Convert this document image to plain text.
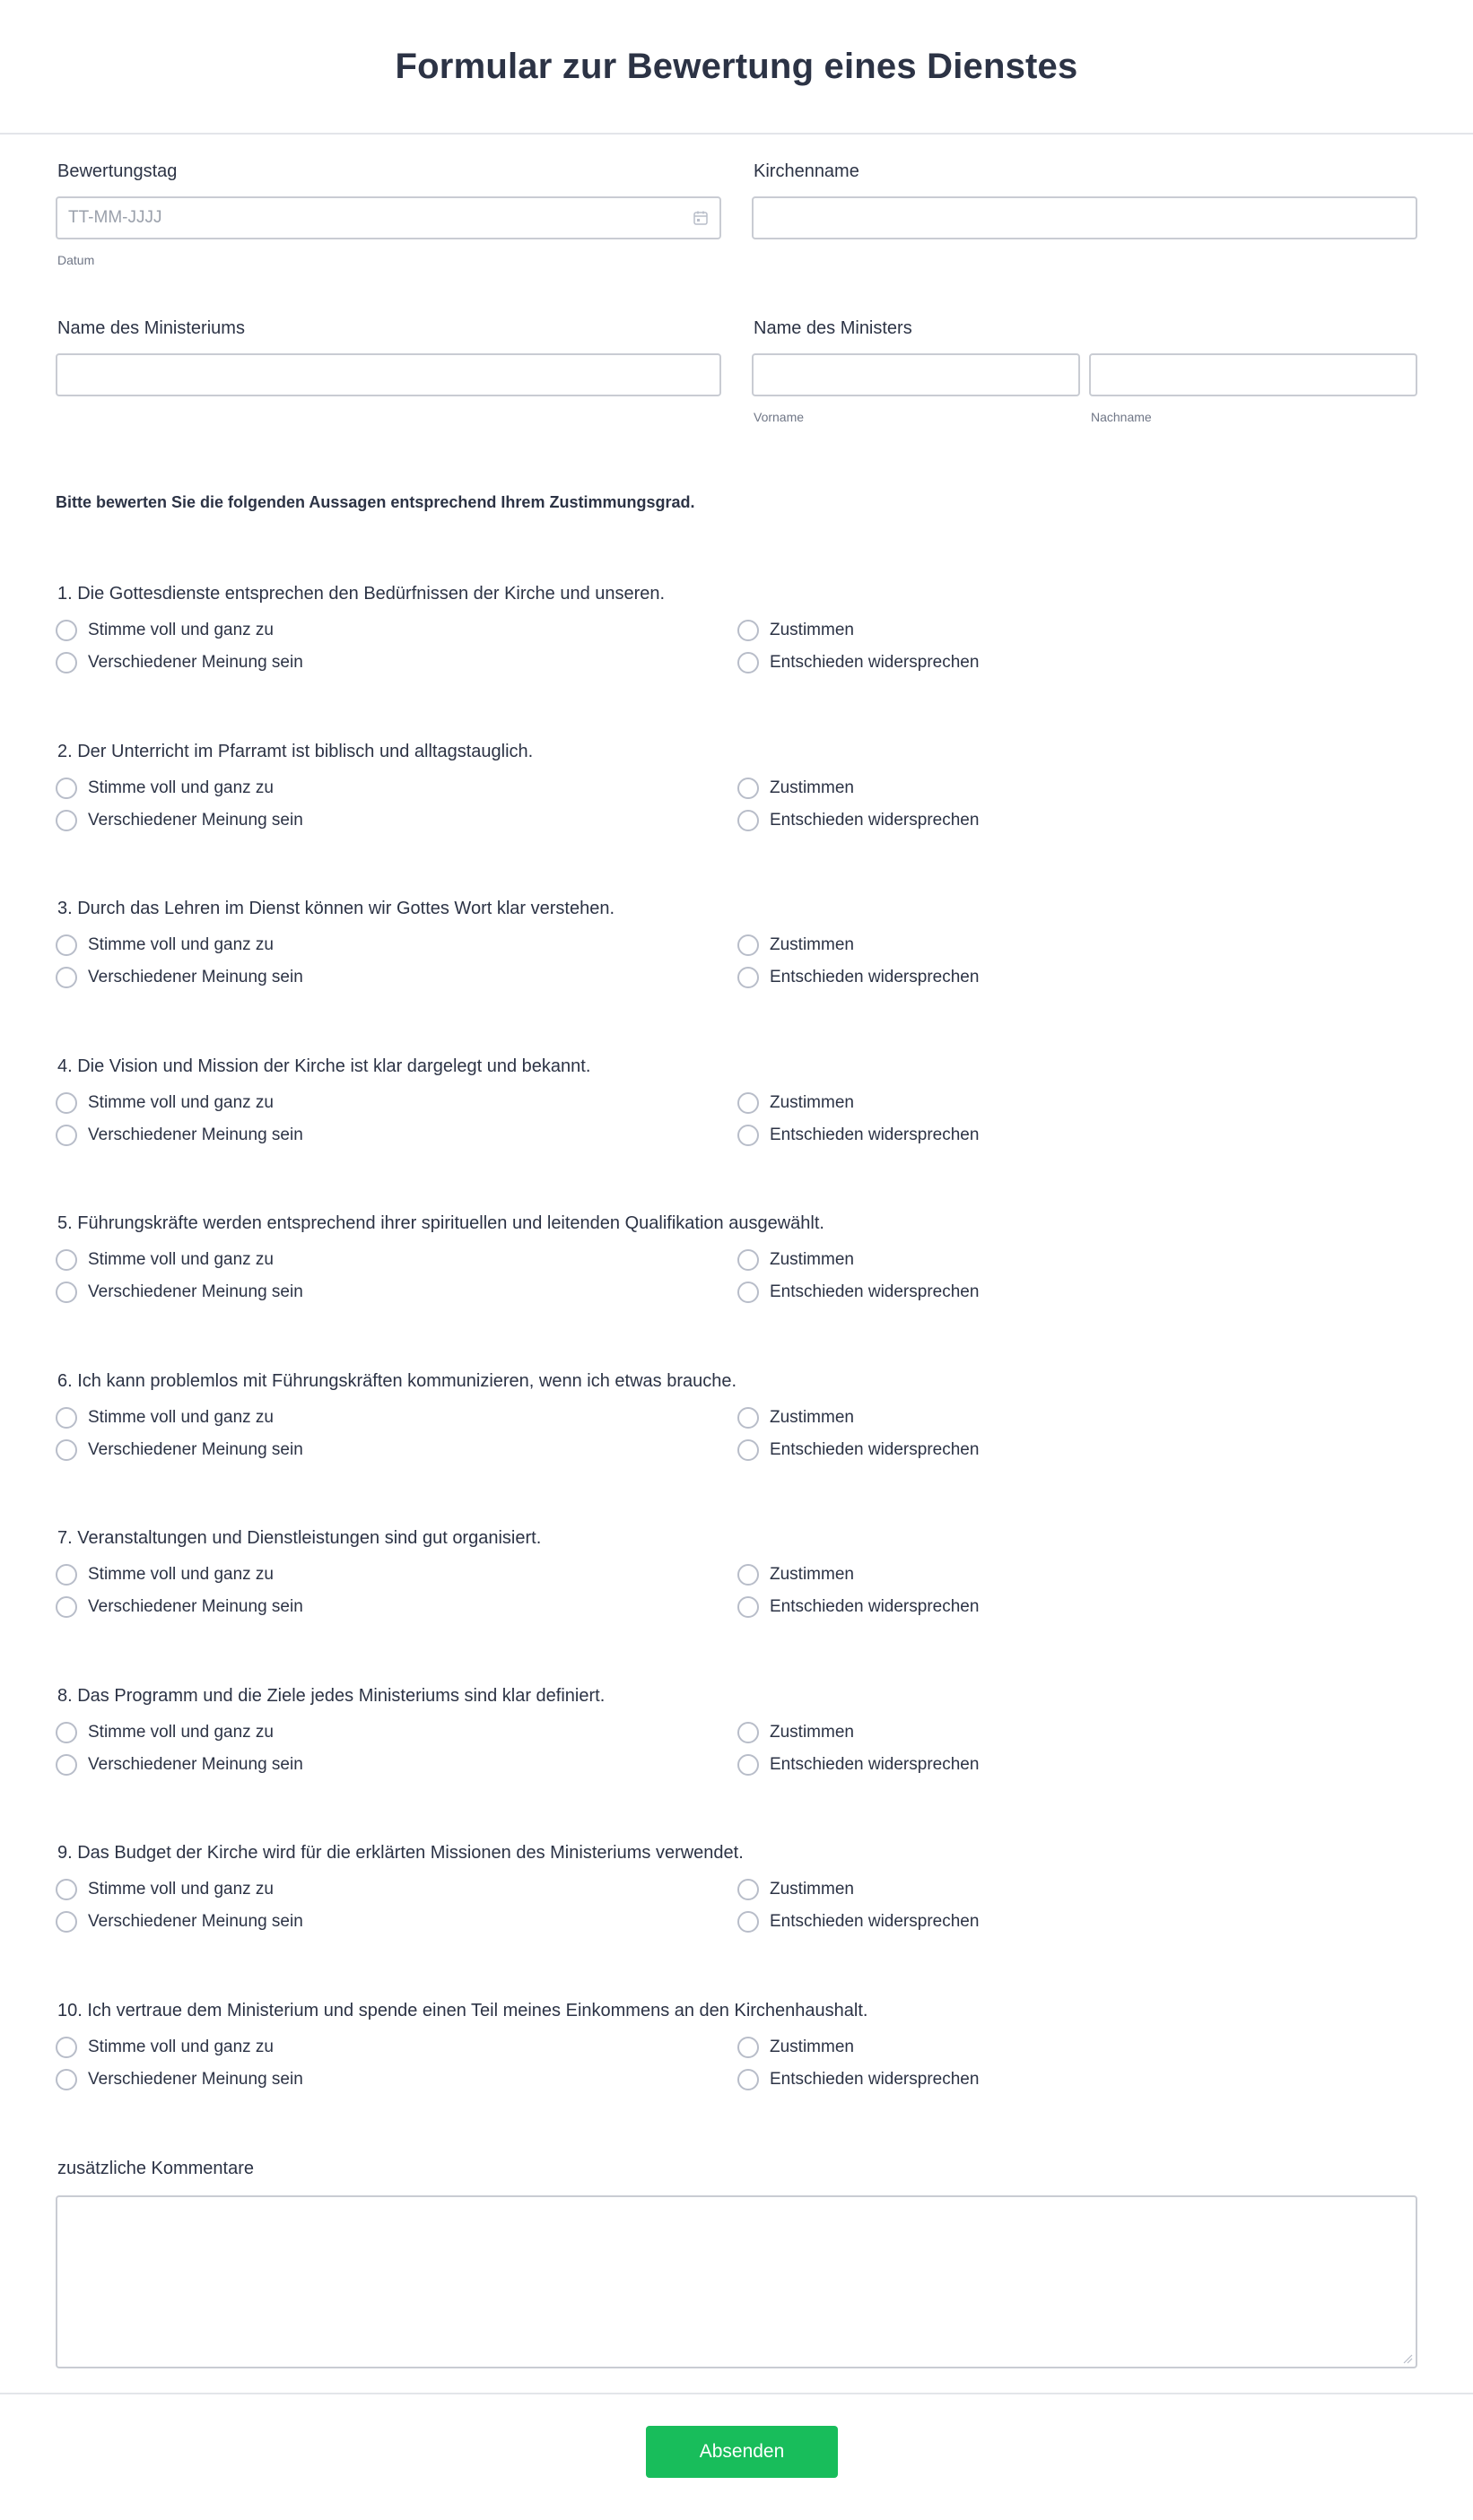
Formular zur Bewertung eines Dienstes
Bewertungstag
TT-MM-JJJJ
Datum
Kirchenname
Name des Ministeriums	Name des Ministers
Vorname	Nachname
Bitte bewerten Sie die folgenden Aussagen entsprechend Ihrem Zustimmungsgrad.
1. Die Gottesdienste entsprechen den Bedürfnissen der Kirche und unseren.
Stimme voll und ganz zu	Zustimmen
Verschiedener Meinung sein	Entschieden widersprechen
2. Der Unterricht im Pfarramt ist biblisch und alltagstauglich.
Stimme voll und ganz zu	Zustimmen
Verschiedener Meinung sein	Entschieden widersprechen
3. Durch das Lehren im Dienst können wir Gottes Wort klar verstehen.
Stimme voll und ganz zu	Zustimmen
Verschiedener Meinung sein	Entschieden widersprechen
4. Die Vision und Mission der Kirche ist klar dargelegt und bekannt.
Stimme voll und ganz zu	Zustimmen
Verschiedener Meinung sein	Entschieden widersprechen
5. Führungskräfte werden entsprechend ihrer spirituellen und leitenden Qualifikation ausgewählt.
Stimme voll und ganz zu	Zustimmen
Verschiedener Meinung sein	Entschieden widersprechen
6. Ich kann problemlos mit Führungskräften kommunizieren, wenn ich etwas brauche.
Stimme voll und ganz zu	Zustimmen
Verschiedener Meinung sein	Entschieden widersprechen
7. Veranstaltungen und Dienstleistungen sind gut organisiert.
Stimme voll und ganz zu	Zustimmen
Verschiedener Meinung sein	Entschieden widersprechen
8. Das Programm und die Ziele jedes Ministeriums sind klar definiert.
Stimme voll und ganz zu	Zustimmen
Verschiedener Meinung sein	Entschieden widersprechen
9. Das Budget der Kirche wird für die erklärten Missionen des Ministeriums verwendet.
Stimme voll und ganz zu	Zustimmen
Verschiedener Meinung sein	Entschieden widersprechen
10. Ich vertraue dem Ministerium und spende einen Teil meines Einkommens an den Kirchenhaushalt.
Stimme voll und ganz zu	Zustimmen
Verschiedener Meinung sein	Entschieden widersprechen
zusätzliche Kommentare
Absenden
